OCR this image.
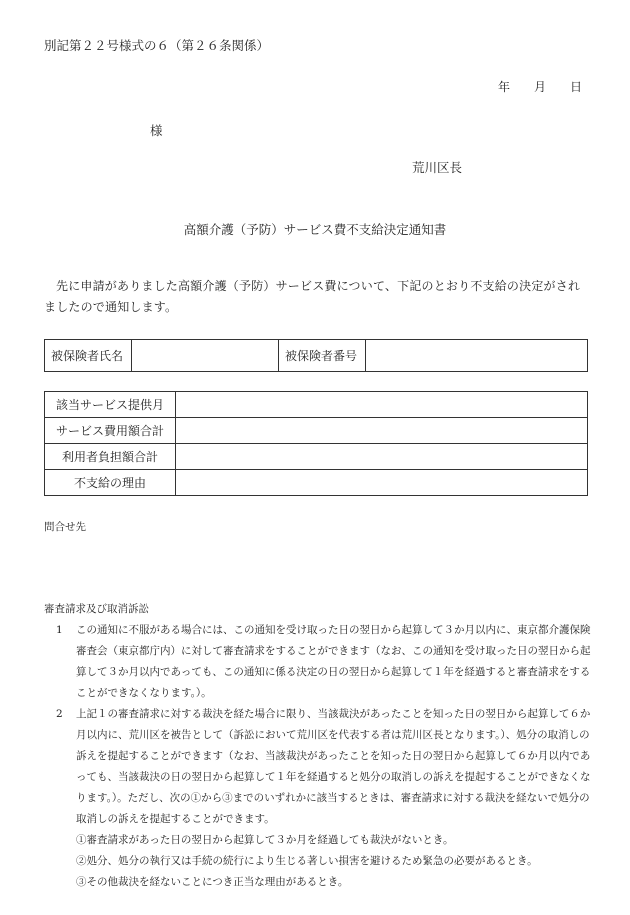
別記第２２号様式の６（第２６条関係）
年 月 日
様
荒川区長
高額介護（予防）サービス費不支給決定通知書
先に申請がありました高額介護（予防）サービス費について、下記のとおり不支給の決定がされましたので通知します。
被保険者氏名		被保険者番号	
該当サービス提供月	
サービス費用額合計	
利用者負担額合計	
不支給の理由	
問合せ先
審査請求及び取消訴訟
1	この通知に不服がある場合には、この通知を受け取った日の翌日から起算して３か月以内に、東京都介護保険審査会（東京都庁内）に対して審査請求をすることができます（なお、この通知を受け取った日の翌日から起算して３か月以内であっても、この通知に係る決定の日の翌日から起算して１年を経過すると審査請求をすることができなくなります。）。
2	上記１の審査請求に対する裁決を経た場合に限り、当該裁決があったことを知った日の翌日から起算して６か月以内に、荒川区を被告として（訴訟において荒川区を代表する者は荒川区長となります。）、処分の取消しの訴えを提起することができます（なお、当該裁決があったことを知った日の翌日から起算して６か月以内であっても、当該裁決の日の翌日から起算して１年を経過すると処分の取消しの訴えを提起することができなくなります。）。ただし、次の①から③までのいずれかに該当するときは、審査請求に対する裁決を経ないで処分の取消しの訴えを提起することができます。
①審査請求があった日の翌日から起算して３か月を経過しても裁決がないとき。
②処分、処分の執行又は手続の続行により生じる著しい損害を避けるため緊急の必要があるとき。
③その他裁決を経ないことにつき正当な理由があるとき。
